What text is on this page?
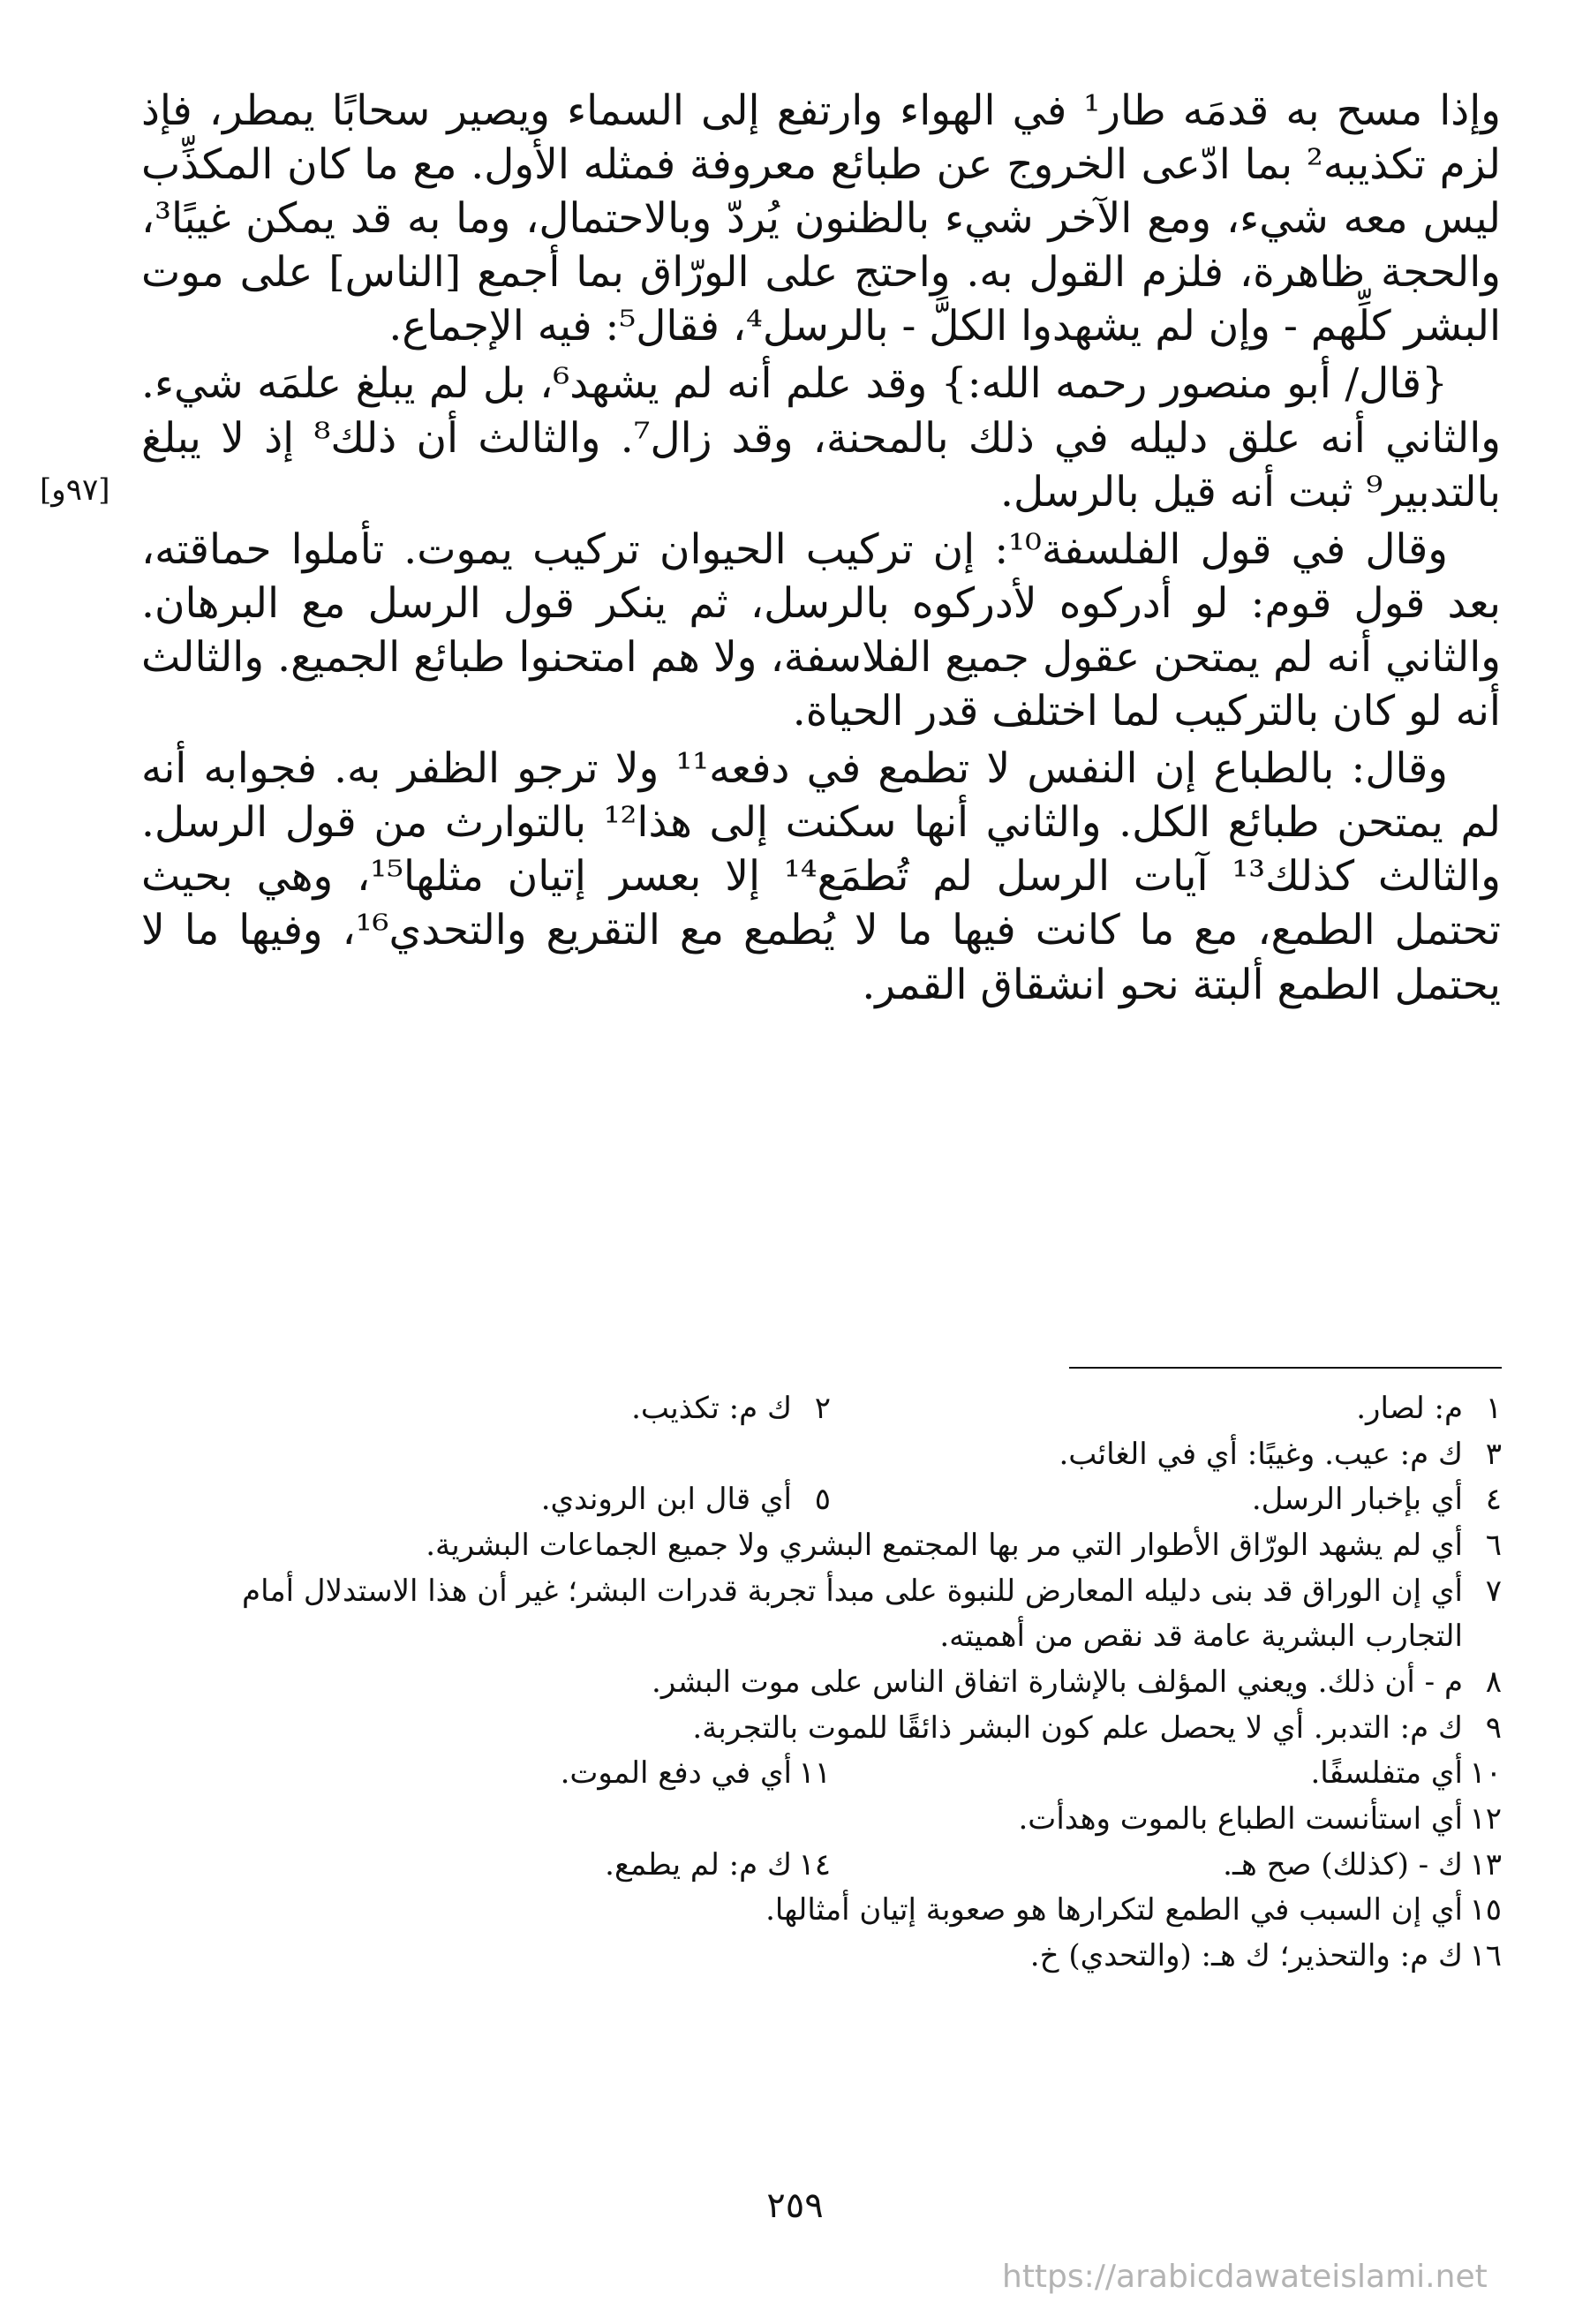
وإذا مسح به قدمَه طار¹ في الهواء وارتفع إلى السماء ويصير سحابًا يمطر، فإذ لزم تكذيبه² بما ادّعى الخروج عن طبائع معروفة فمثله الأول. مع ما كان المكذِّب ليس معه شيء، ومع الآخر شيء بالظنون يُردّ وبالاحتمال، وما به قد يمكن غيبًا³، والحجة ظاهرة، فلزم القول به. واحتج على الورّاق بما أجمع [الناس] على موت البشر كلِّهم - وإن لم يشهدوا الكلَّ - بالرسل⁴، فقال⁵: فيه الإجماع.

{قال/ أبو منصور رحمه الله:} وقد علم أنه لم يشهد⁶، بل لم يبلغ علمَه شيء. والثاني أنه علق دليله في ذلك بالمحنة، وقد زال⁷. والثالث أن ذلك⁸ إذ لا يبلغ بالتدبير⁹ ثبت أنه قيل بالرسل.

وقال في قول الفلسفة¹⁰: إن تركيب الحيوان تركيب يموت. تأملوا حماقته، بعد قول قوم: لو أدركوه لأدركوه بالرسل، ثم ينكر قول الرسل مع البرهان. والثاني أنه لم يمتحن عقول جميع الفلاسفة، ولا هم امتحنوا طبائع الجميع. والثالث أنه لو كان بالتركيب لما اختلف قدر الحياة.

وقال: بالطباع إن النفس لا تطمع في دفعه¹¹ ولا ترجو الظفر به. فجوابه أنه لم يمتحن طبائع الكل. والثاني أنها سكنت إلى هذا¹² بالتوارث من قول الرسل. والثالث كذلك¹³ آيات الرسل لم تُطمَع¹⁴ إلا بعسر إتيان مثلها¹⁵، وهي بحيث تحتمل الطمع، مع ما كانت فيها ما لا يُطمع مع التقريع والتحدي¹⁶، وفيها ما لا يحتمل الطمع ألبتة نحو انشقاق القمر.

[٩٧و]
١
م: لصار.
٢
ك م: تكذيب.
٣
ك م: عيب. وغيبًا: أي في الغائب.
٤
أي بإخبار الرسل.
٥
أي قال ابن الروندي.
٦
أي لم يشهد الورّاق الأطوار التي مر بها المجتمع البشري ولا جميع الجماعات البشرية.
٧
أي إن الوراق قد بنى دليله المعارض للنبوة على مبدأ تجربة قدرات البشر؛ غير أن هذا الاستدلال أمام التجارب البشرية عامة قد نقص من أهميته.
٨
م - أن ذلك. ويعني المؤلف بالإشارة اتفاق الناس على موت البشر.
٩
ك م: التدبر. أي لا يحصل علم كون البشر ذائقًا للموت بالتجربة.
١٠
أي متفلسفًا.
١١
أي في دفع الموت.
١٢
أي استأنست الطباع بالموت وهدأت.
١٣
ك - (كذلك) صح هـ.
١٤
ك م: لم يطمع.
١٥
أي إن السبب في الطمع لتكرارها هو صعوبة إتيان أمثالها.
١٦
ك م: والتحذير؛ ك هـ: (والتحدي) خ.
٢٥٩
https://arabicdawateislami.net
